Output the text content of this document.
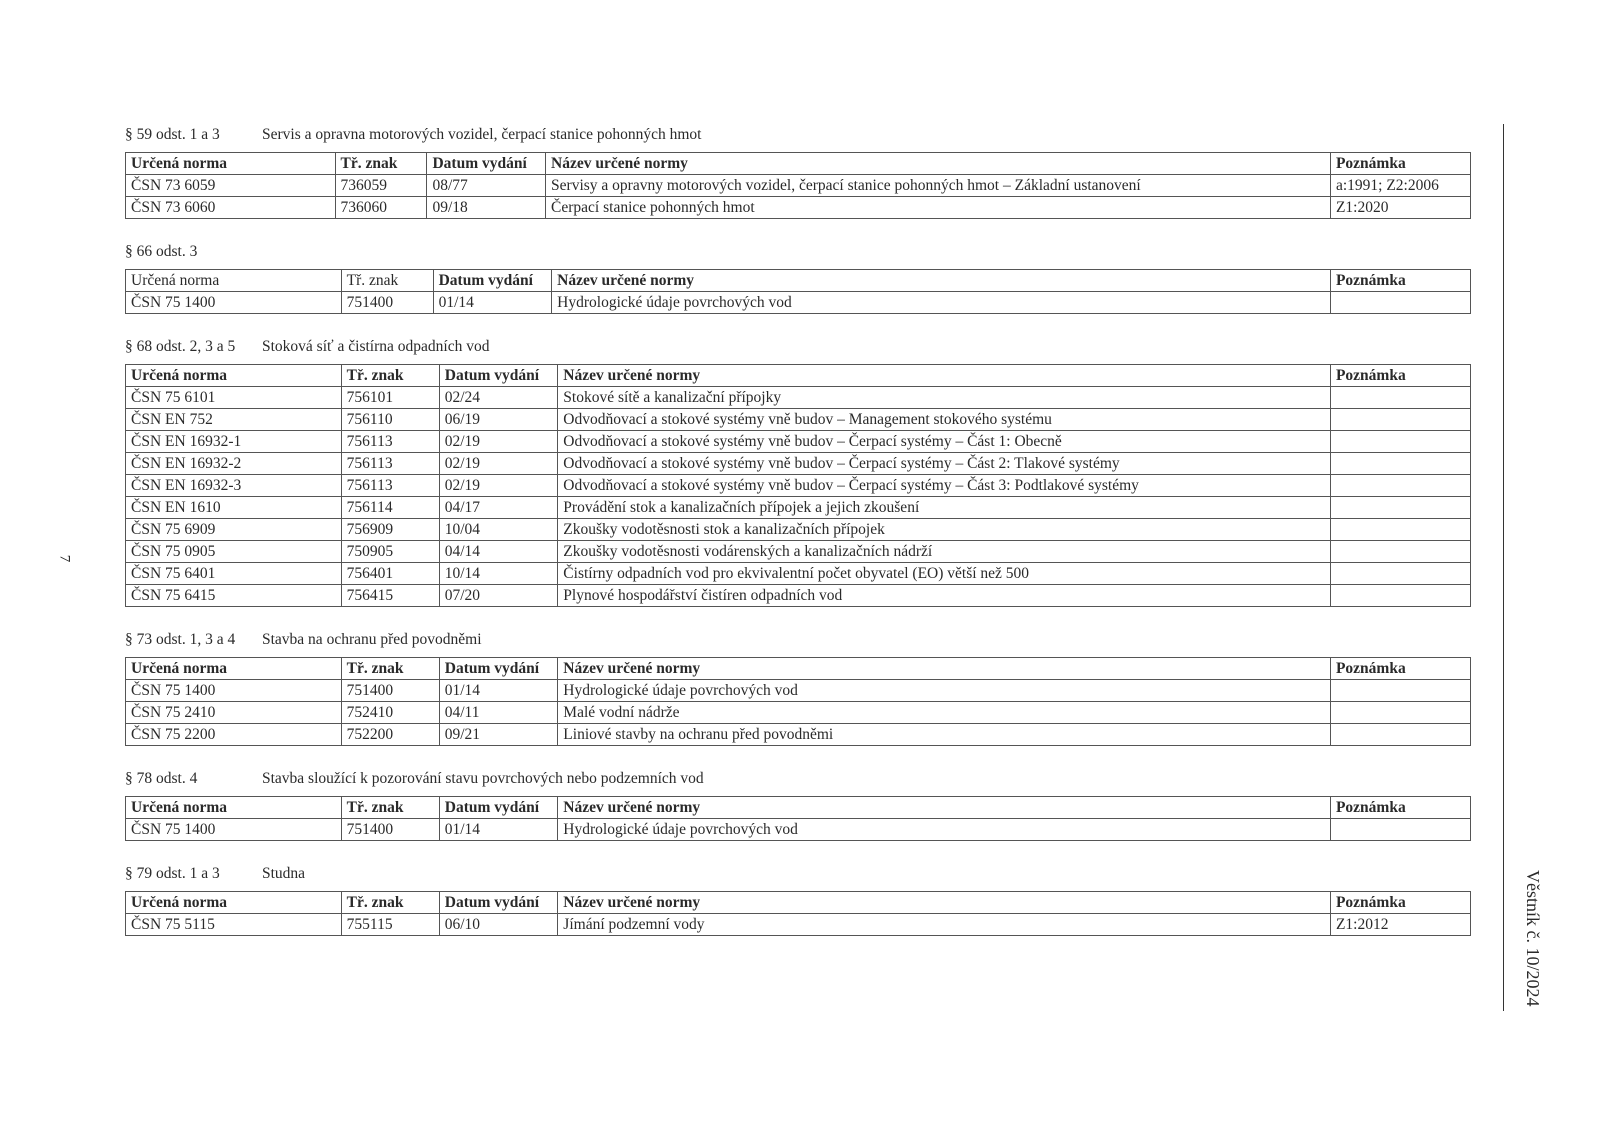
7
Věstník č. 10/2024
§ 59 odst. 1 a 3	Servis a opravna motorových vozidel, čerpací stanice pohonných hmot
Určená norma	Tř. znak	Datum vydání	Název určené normy	Poznámka
ČSN 73 6059	736059	08/77	Servisy a opravny motorových vozidel, čerpací stanice pohonných hmot – Základní ustanovení	a:1991; Z2:2006
ČSN 73 6060	736060	09/18	Čerpací stanice pohonných hmot	Z1:2020
§ 66 odst. 3
Určená norma	Tř. znak	Datum vydání	Název určené normy	Poznámka
ČSN 75 1400	751400	01/14	Hydrologické údaje povrchových vod	
§ 68 odst. 2, 3 a 5	Stoková síť a čistírna odpadních vod
Určená norma	Tř. znak	Datum vydání	Název určené normy	Poznámka
ČSN 75 6101	756101	02/24	Stokové sítě a kanalizační přípojky	
ČSN EN 752	756110	06/19	Odvodňovací a stokové systémy vně budov – Management stokového systému	
ČSN EN 16932-1	756113	02/19	Odvodňovací a stokové systémy vně budov – Čerpací systémy – Část 1: Obecně	
ČSN EN 16932-2	756113	02/19	Odvodňovací a stokové systémy vně budov – Čerpací systémy – Část 2: Tlakové systémy	
ČSN EN 16932-3	756113	02/19	Odvodňovací a stokové systémy vně budov – Čerpací systémy – Část 3: Podtlakové systémy	
ČSN EN 1610	756114	04/17	Provádění stok a kanalizačních přípojek a jejich zkoušení	
ČSN 75 6909	756909	10/04	Zkoušky vodotěsnosti stok a kanalizačních přípojek	
ČSN 75 0905	750905	04/14	Zkoušky vodotěsnosti vodárenských a kanalizačních nádrží	
ČSN 75 6401	756401	10/14	Čistírny odpadních vod pro ekvivalentní počet obyvatel (EO) větší než 500	
ČSN 75 6415	756415	07/20	Plynové hospodářství čistíren odpadních vod	
§ 73 odst. 1, 3 a 4	Stavba na ochranu před povodněmi
Určená norma	Tř. znak	Datum vydání	Název určené normy	Poznámka
ČSN 75 1400	751400	01/14	Hydrologické údaje povrchových vod	
ČSN 75 2410	752410	04/11	Malé vodní nádrže	
ČSN 75 2200	752200	09/21	Liniové stavby na ochranu před povodněmi	
§ 78 odst. 4	Stavba sloužící k pozorování stavu povrchových nebo podzemních vod
Určená norma	Tř. znak	Datum vydání	Název určené normy	Poznámka
ČSN 75 1400	751400	01/14	Hydrologické údaje povrchových vod	
§ 79 odst. 1 a 3	Studna
Určená norma	Tř. znak	Datum vydání	Název určené normy	Poznámka
ČSN 75 5115	755115	06/10	Jímání podzemní vody	Z1:2012
